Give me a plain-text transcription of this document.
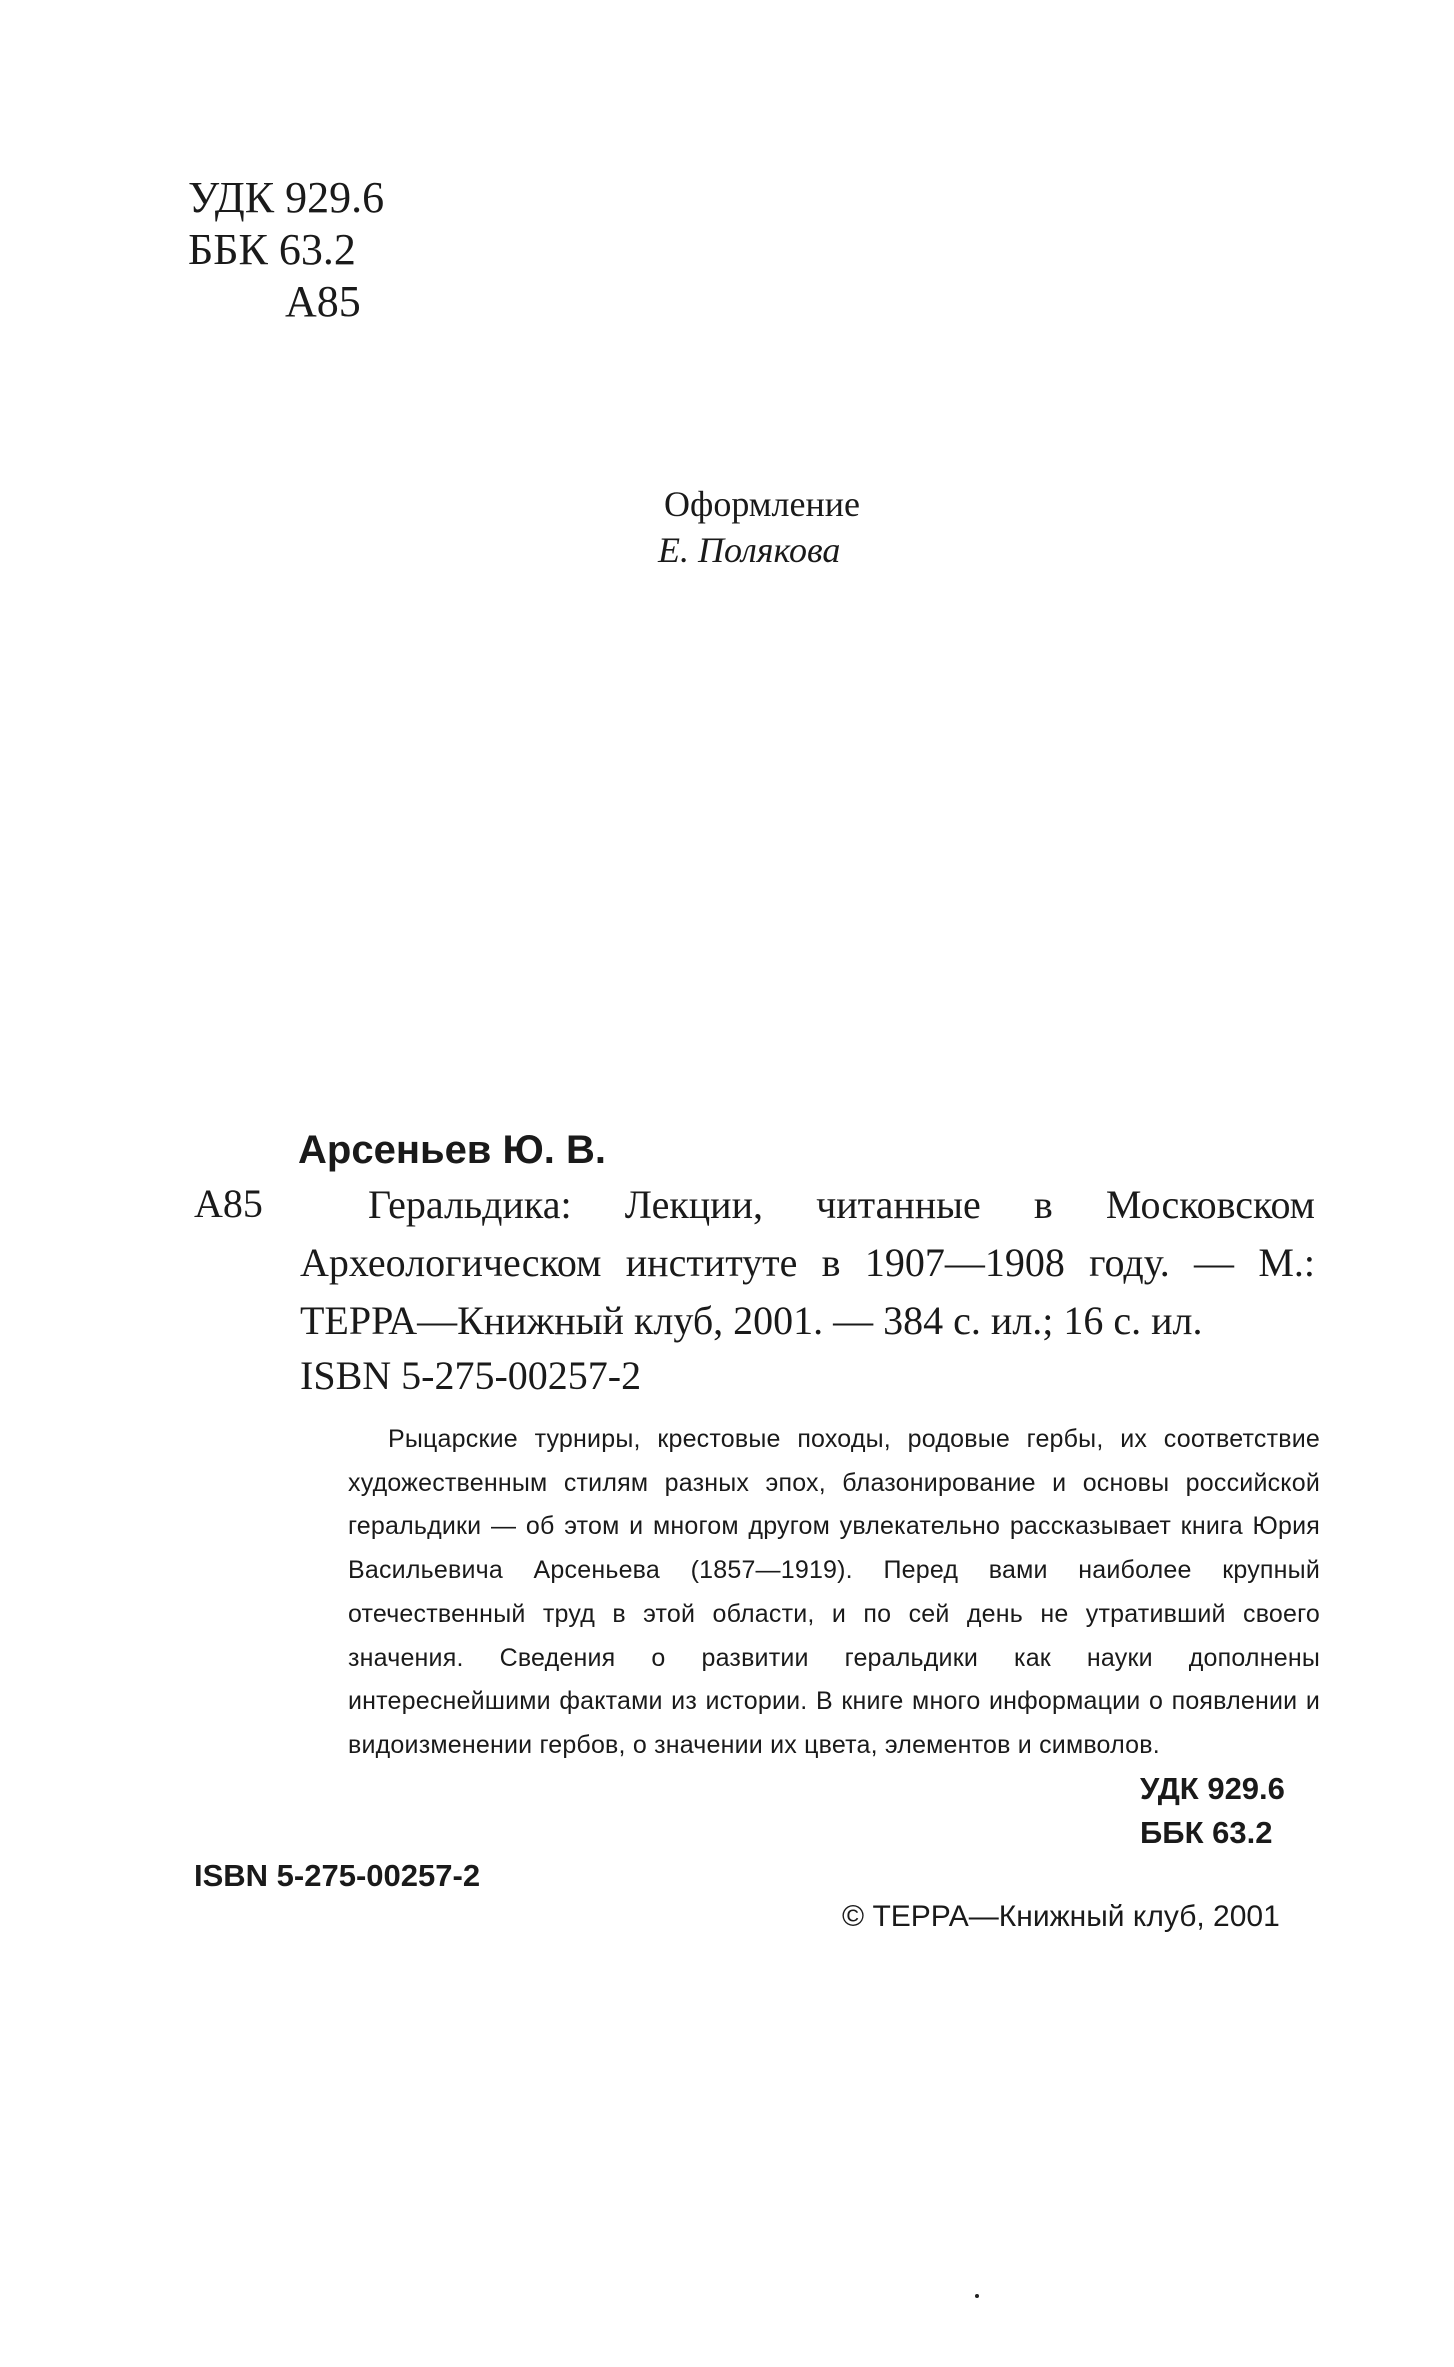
УДК 929.6
ББК 63.2
А85
Оформление
Е. Полякова
Арсеньев Ю. В.
А85	Геральдика: Лекции, читанные в Московском Археологическом институте в 1907—1908 году. — М.: ТЕРРА—Книжный клуб, 2001. — 384 с. ил.; 16 с. ил.
ISBN 5-275-00257-2
Рыцарские турниры, крестовые походы, родовые гербы, их соответствие художественным стилям разных эпох, блазонирование и основы российской геральдики — об этом и многом другом увлекательно рассказывает книга Юрия Васильевича Арсеньева (1857—1919). Перед вами наиболее крупный отечественный труд в этой области, и по сей день не утративший своего значения. Сведения о развитии геральдики как науки дополнены интереснейшими фактами из истории. В книге много информации о появлении и видоизменении гербов, о значении их цвета, элементов и символов.
УДК 929.6
ББК 63.2
ISBN 5-275-00257-2
© ТЕРРА—Книжный клуб, 2001
